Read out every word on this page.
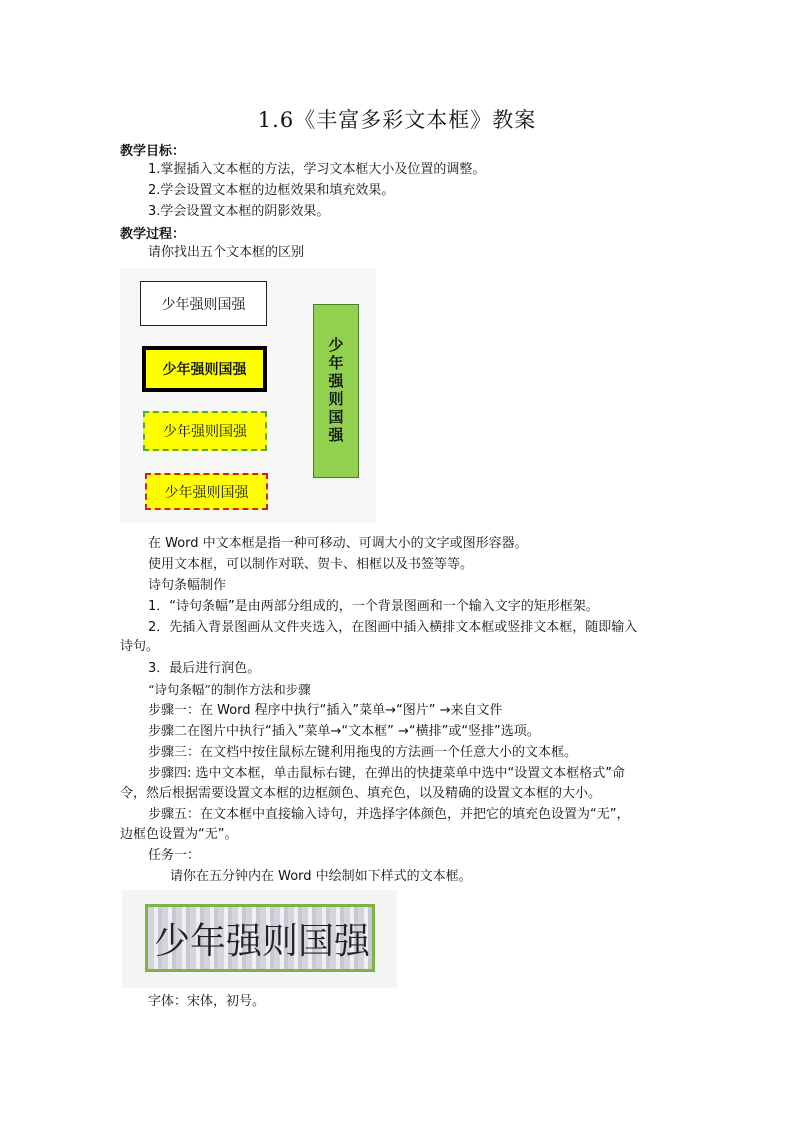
1.6《丰富多彩文本框》教案
教学目标：
1.掌握插入文本框的方法，学习文本框大小及位置的调整。
2.学会设置文本框的边框效果和填充效果。
3.学会设置文本框的阴影效果。
教学过程：
请你找出五个文本框的区别
少年强则国强
少年强则国强
少年强则国强
少年强则国强
少年强则国强
在 Word 中文本框是指一种可移动、可调大小的文字或图形容器。
使用文本框，可以制作对联、贺卡、相框以及书签等等。
诗句条幅制作
1．“诗句条幅”是由两部分组成的，一个背景图画和一个输入文字的矩形框架。
2．先插入背景图画从文件夹选入，在图画中插入横排文本框或竖排文本框，随即输入
诗句。
3．最后进行润色。
“诗句条幅”的制作方法和步骤
步骤一：在 Word 程序中执行“插入”菜单→“图片” →来自文件
步骤二在图片中执行“插入”菜单→“文本框” →“横排”或“竖排”选项。
步骤三：在文档中按住鼠标左键利用拖曳的方法画一个任意大小的文本框。
步骤四: 选中文本框，单击鼠标右键，在弹出的快捷菜单中选中“设置文本框格式”命
令，然后根据需要设置文本框的边框颜色、填充色，以及精确的设置文本框的大小。
步骤五：在文本框中直接输入诗句，并选择字体颜色，并把它的填充色设置为“无”，
边框色设置为“无”。
任务一：
请你在五分钟内在 Word 中绘制如下样式的文本框。
少年强则国强
字体：宋体，初号。
